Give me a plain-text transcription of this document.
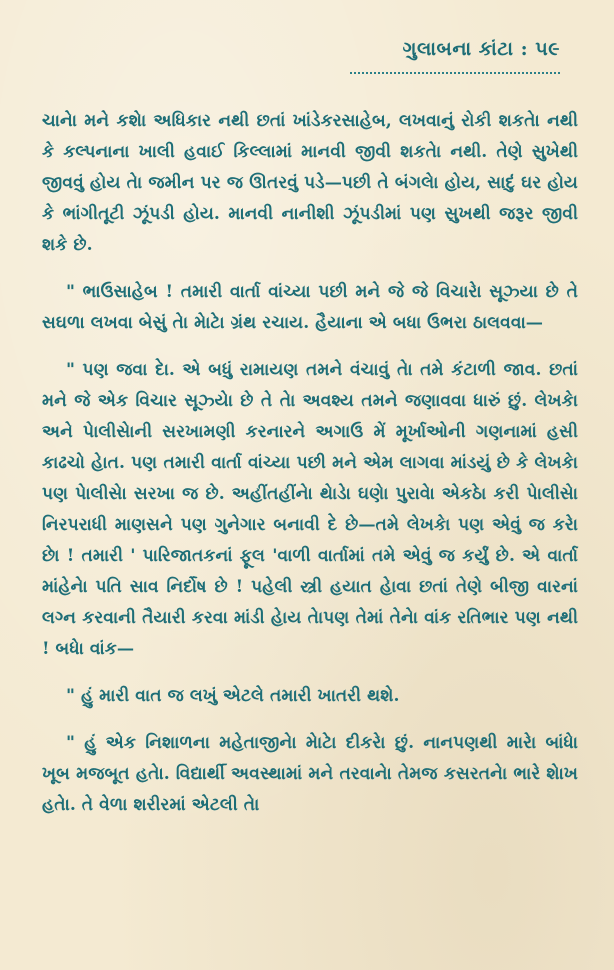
ગુલાબના કાંટા : ૫૯

ચાનેા મને કશેા અધિકાર નથી છતાં ખાંડેકરસાહેબ, લખવાનું રોકી શકતેા નથી કે કલ્પનાના ખાલી હવાઈ કિલ્લામાં માનવી જીવી શકતેા નથી. તેણે સુખેથી જીવવું હોય તેા જમીન પર જ ઊતરવું પડે—પછી તે બંગલેા હોય, સાદું ઘર હોય કે ભાંગીતૂટી ઝૂંપડી હોય. માનવી નાનીશી ઝૂંપડીમાં પણ સુખથી જરૂર જીવી શકે છે.

" ભાઉસાહેબ ! તમારી વાર્તા વાંચ્યા પછી મને જે જે વિચારેા સૂઝ્યા છે તે સઘળા લખવા બેસું તેા મેાટેા ગ્રંથ રચાય. હૈયાના એ બધા ઉભરા ઠાલવવા—

" પણ જવા દેા. એ બધું રામાયણ તમને વંચાવું તેા તમે કંટાળી જાવ. છતાં મને જે એક વિચાર સૂઝ્યેા છે તે તેા અવશ્ય તમને જણાવવા ધારું છું. લેખકેા અને પેાલીસેાની સરખામણી કરનારને અગાઉ મેં મૂર્ખાઓની ગણનામાં હસી કાઢચો હેાત. પણ તમારી વાર્તા વાંચ્યા પછી મને એમ લાગવા માંડયું છે કે લેખકેા પણ પેાલીસેા સરખા જ છે. અહીંતહીંનેા થેાડેા ઘણેા પુરાવેા એકઠેા કરી પેાલીસેા નિરપરાધી માણસને પણ ગુનેગાર બનાવી દે છે—તમે લેખકેા પણ એવું જ કરેા છેા ! તમારી ' પારિજાતકનાં ફૂલ 'વાળી વાર્તામાં તમે એવું જ કર્યું છે. એ વાર્તા માંહેનેા પતિ સાવ નિર્દોષ છે ! પહેલી સ્ત્રી હયાત હેાવા છતાં તેણે બીજી વારનાં લગ્ન કરવાની તૈયારી કરવા માંડી હેાય તેાપણ તેમાં તેનેા વાંક રતિભાર પણ નથી ! બધેા વાંક—

" હું મારી વાત જ લખું એટલે તમારી ખાતરી થશે.

" હું એક નિશાળના મહેતાજીનેા મેાટેા દીકરેા છું. નાનપણથી મારેા બાંધેા ખૂબ મજબૂત હતેા. વિદ્યાર્થી અવસ્થામાં મને તરવાનેા તેમજ કસરતનેા ભારે શેાખ હતેા. તે વેળા શરીરમાં એટલી તેા
